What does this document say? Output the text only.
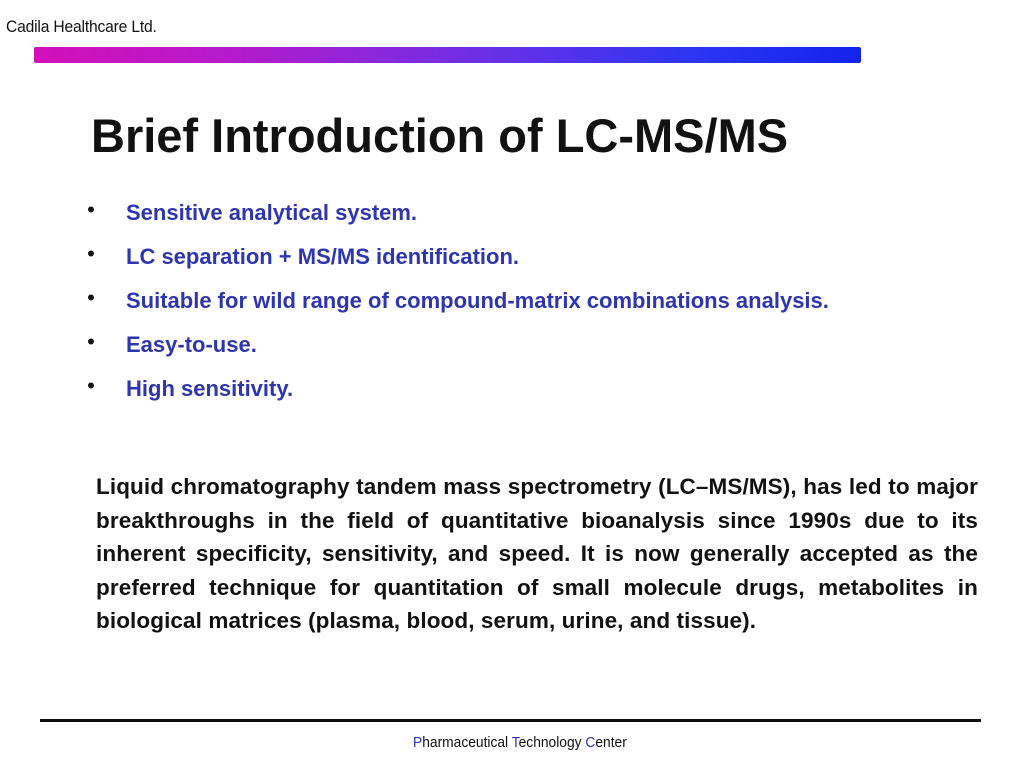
Cadila Healthcare Ltd.
Brief Introduction of LC-MS/MS
• Sensitive analytical system.
• LC separation + MS/MS identification.
• Suitable for wild range of compound-matrix combinations analysis.
• Easy-to-use.
• High sensitivity.

Liquid chromatography tandem mass spectrometry (LC–MS/MS), has led to major breakthroughs in the field of quantitative bioanalysis since 1990s due to its inherent specificity, sensitivity, and speed. It is now generally accepted as the preferred technique for quantitation of small molecule drugs, metabolites in biological matrices (plasma, blood, serum, urine, and tissue).

Pharmaceutical Technology Center
